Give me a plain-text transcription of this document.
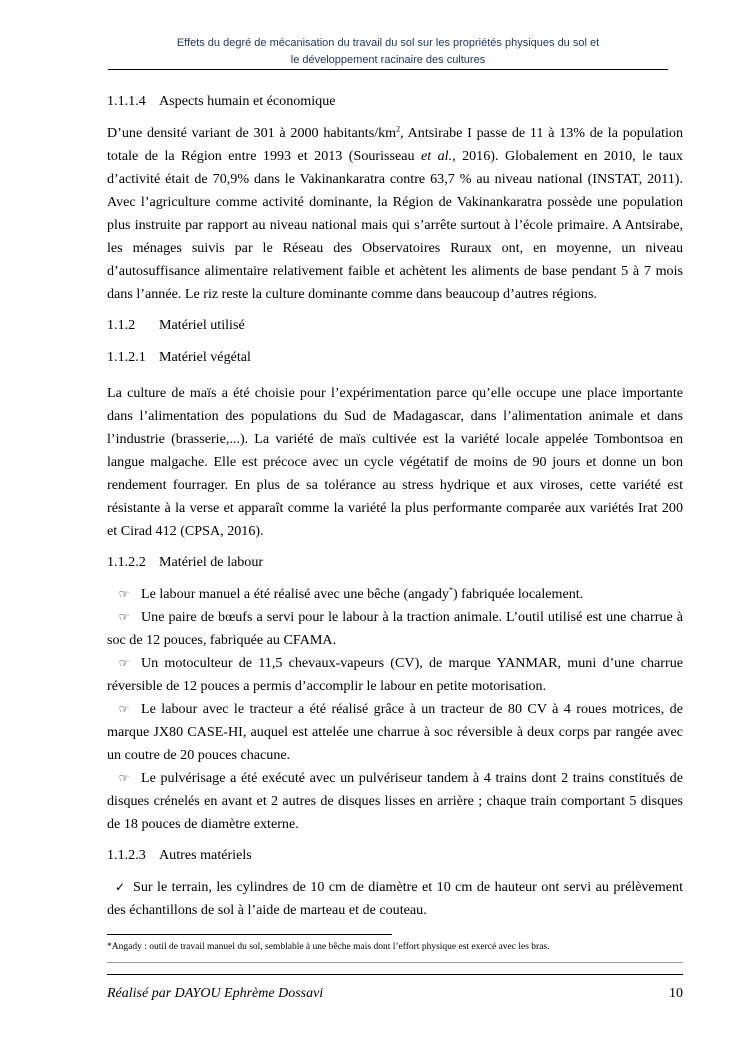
Effets du degré de mécanisation du travail du sol sur les propriétés physiques du sol et
le développement racinaire des cultures
1.1.1.4 Aspects humain et économique

D’une densité variant de 301 à 2000 habitants/$km^2$, Antsirabe I passe de 11 à 13% de la population totale de la Région entre 1993 et 2013 (Sourisseau et al., 2016). Globalement en 2010, le taux d’activité était de 70,9% dans le Vakinankaratra contre 63,7 % au niveau national (INSTAT, 2011). Avec l’agriculture comme activité dominante, la Région de Vakinankaratra possède une population plus instruite par rapport au niveau national mais qui s’arrête surtout à l’école primaire. A Antsirabe, les ménages suivis par le Réseau des Observatoires Ruraux ont, en moyenne, un niveau d’autosuffisance alimentaire relativement faible et achètent les aliments de base pendant 5 à 7 mois dans l’année. Le riz reste la culture dominante comme dans beaucoup d’autres régions.

1.1.2 Matériel utilisé
1.1.2.1 Matériel végétal

La culture de maïs a été choisie pour l’expérimentation parce qu’elle occupe une place importante dans l’alimentation des populations du Sud de Madagascar, dans l’alimentation animale et dans l’industrie (brasserie,...). La variété de maïs cultivée est la variété locale appelée Tombontsoa en langue malgache. Elle est précoce avec un cycle végétatif de moins de 90 jours et donne un bon rendement fourrager. En plus de sa tolérance au stress hydrique et aux viroses, cette variété est résistante à la verse et apparaît comme la variété la plus performante comparée aux variétés Irat 200 et Cirad 412 (CPSA, 2016).

1.1.2.2 Matériel de labour
☞ Le labour manuel a été réalisé avec une bêche (angady*) fabriquée localement.
☞ Une paire de bœufs a servi pour le labour à la traction animale. L’outil utilisé est une charrue à soc de 12 pouces, fabriquée au CFAMA.
☞ Un motoculteur de 11,5 chevaux-vapeurs (CV), de marque YANMAR, muni d’une charrue réversible de 12 pouces a permis d’accomplir le labour en petite motorisation.
☞ Le labour avec le tracteur a été réalisé grâce à un tracteur de 80 CV à 4 roues motrices, de marque JX80 CASE-HI, auquel est attelée une charrue à soc réversible à deux corps par rangée avec un coutre de 20 pouces chacune.
☞ Le pulvérisage a été exécuté avec un pulvériseur tandem à 4 trains dont 2 trains constitués de disques crénelés en avant et 2 autres de disques lisses en arrière ; chaque train comportant 5 disques de 18 pouces de diamètre externe.
1.1.2.3 Autres matériels
✓ Sur le terrain, les cylindres de 10 cm de diamètre et 10 cm de hauteur ont servi au prélèvement des échantillons de sol à l’aide de marteau et de couteau.
*Angady : outil de travail manuel du sol, semblable à une bêche mais dont l’effort physique est exercé avec les bras.
Réalisé par DAYOU Ephrème Dossavi	10
